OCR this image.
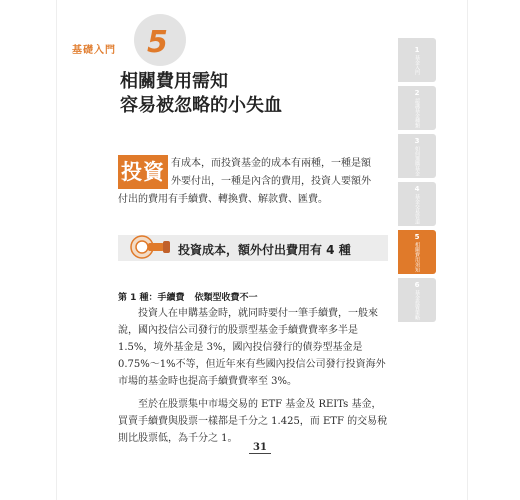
基礎入門 5
相關費用需知
容易被忽略的小失血
投資 有成本，而投資基金的成本有兩種，一種是額外要付出，一種是內含的費用，投資人要額外付出的費用有手續費、轉換費、解款費、匯費。

投資成本，額外付出費用有 4 種
第 1 種：手續費 依類型收費不一

投資人在申購基金時，就同時要付一筆手續費，一般來說，國內投信公司發行的股票型基金手續費費率多半是 1.5%，境外基金是 3%，國內投信發行的債券型基金是 0.75%～1%不等，但近年來有些國內投信公司發行投資海外市場的基金時也提高手續費費率至 3%。

至於在股票集中市場交易的 ETF 基金及 REITs 基金，買賣手續費與股票一樣都是千分之 1.425，而 ETF 的交易稅則比股票低，為千分之 1。

31
1
基金入門
2
認識基金種類
3
如何選購基金
4
基金交易管道
5
相關費用須知
6
基金投資策略
